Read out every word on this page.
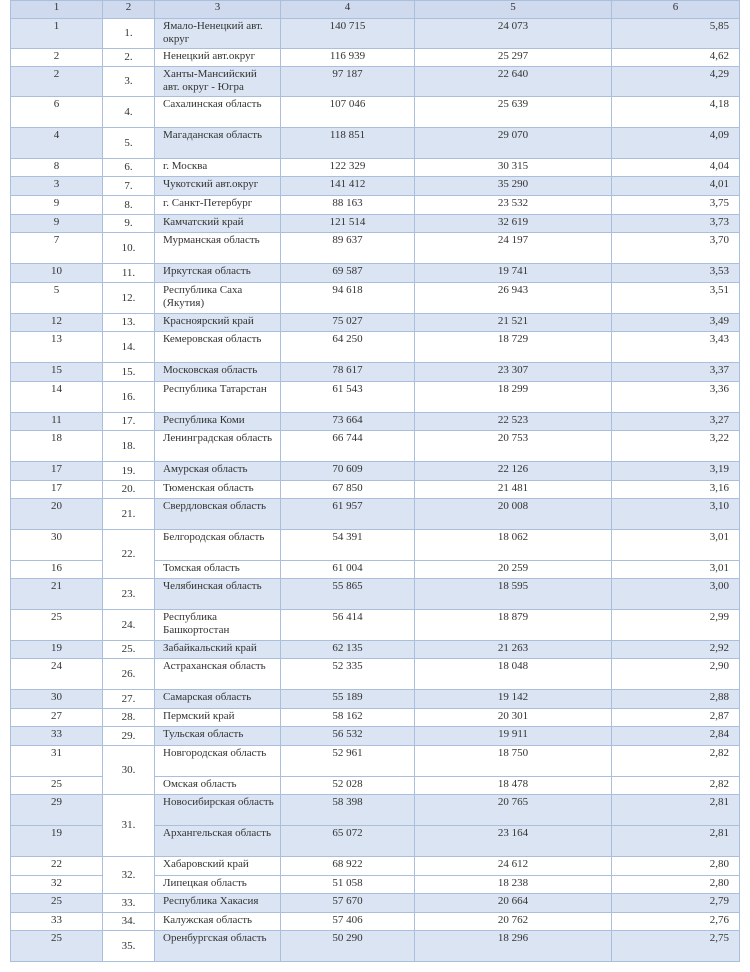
1	2	3	4	5	6
1	1.	Ямало-Ненецкий авт. округ	140 715	24 073	5,85
2	2.	Ненецкий авт.округ	116 939	25 297	4,62
2	3.	Ханты-Мансийский авт. округ - Югра	97 187	22 640	4,29
6	4.	Сахалинская область	107 046	25 639	4,18
4	5.	Магаданская область	118 851	29 070	4,09
8	6.	г. Москва	122 329	30 315	4,04
3	7.	Чукотский авт.округ	141 412	35 290	4,01
9	8.	г. Санкт-Петербург	88 163	23 532	3,75
9	9.	Камчатский край	121 514	32 619	3,73
7	10.	Мурманская область	89 637	24 197	3,70
10	11.	Иркутская область	69 587	19 741	3,53
5	12.	Республика Саха (Якутия)	94 618	26 943	3,51
12	13.	Красноярский край	75 027	21 521	3,49
13	14.	Кемеровская область	64 250	18 729	3,43
15	15.	Московская область	78 617	23 307	3,37
14	16.	Республика Татарстан	61 543	18 299	3,36
11	17.	Республика Коми	73 664	22 523	3,27
18	18.	Ленинградская область	66 744	20 753	3,22
17	19.	Амурская область	70 609	22 126	3,19
17	20.	Тюменская область	67 850	21 481	3,16
20	21.	Свердловская область	61 957	20 008	3,10
30	22.	Белгородская область	54 391	18 062	3,01
16		Томская область	61 004	20 259	3,01
21	23.	Челябинская область	55 865	18 595	3,00
25	24.	Республика Башкортостан	56 414	18 879	2,99
19	25.	Забайкальский край	62 135	21 263	2,92
24	26.	Астраханская область	52 335	18 048	2,90
30	27.	Самарская область	55 189	19 142	2,88
27	28.	Пермский край	58 162	20 301	2,87
33	29.	Тульская область	56 532	19 911	2,84
31	30.	Новгородская область	52 961	18 750	2,82
25		Омская область	52 028	18 478	2,82
29	31.	Новосибирская область	58 398	20 765	2,81
19		Архангельская область	65 072	23 164	2,81
22	32.	Хабаровский край	68 922	24 612	2,80
32		Липецкая область	51 058	18 238	2,80
25	33.	Республика Хакасия	57 670	20 664	2,79
33	34.	Калужская область	57 406	20 762	2,76
25	35.	Оренбургская область	50 290	18 296	2,75
